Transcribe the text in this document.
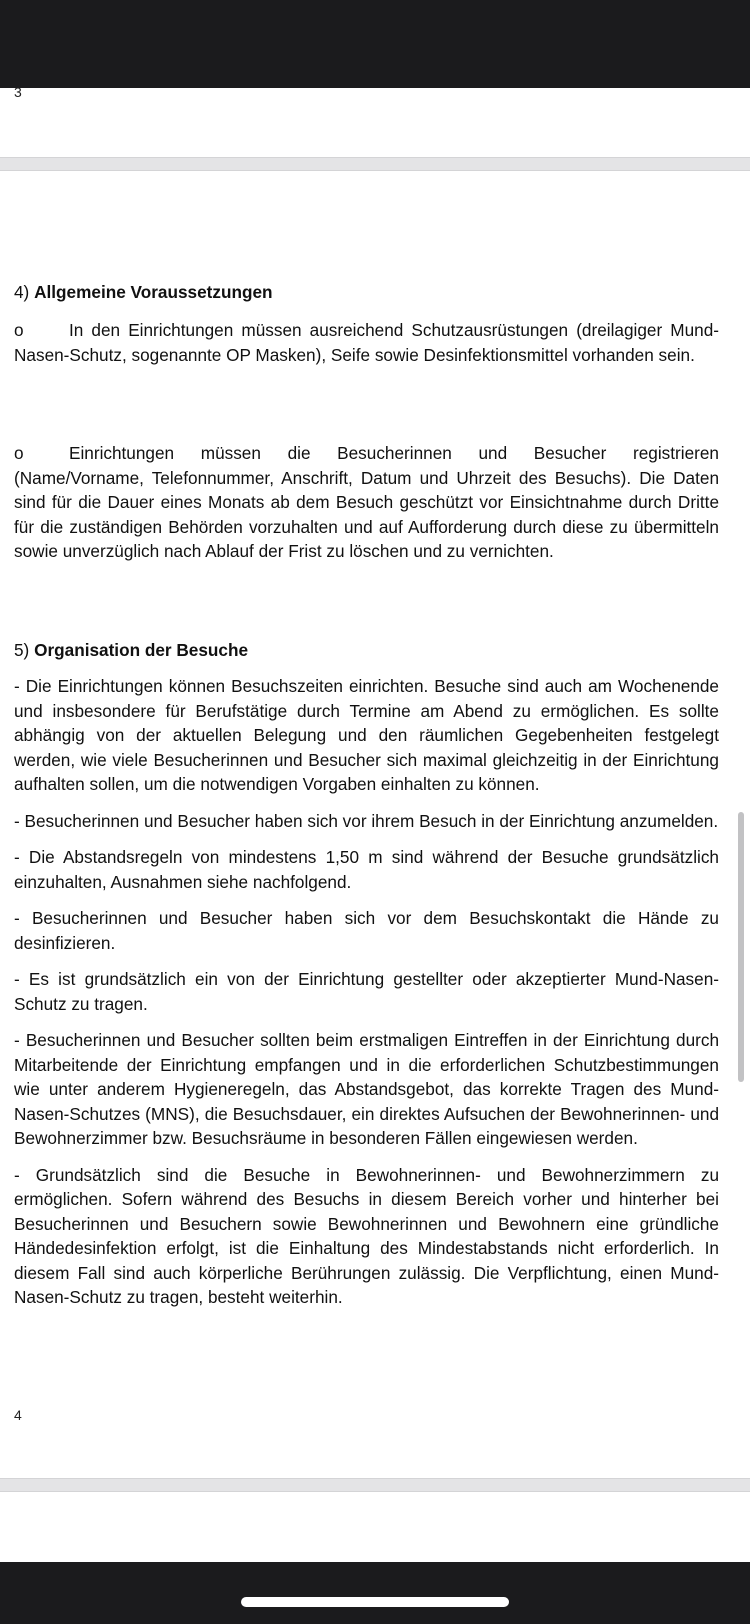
3

4) Allgemeine Voraussetzungen

o	In den Einrichtungen müssen ausreichend Schutzausrüstungen (dreilagiger Mund-Nasen-Schutz, sogenannte OP Masken), Seife sowie Desinfektionsmittel vorhanden sein.

o	Einrichtungen müssen die Besucherinnen und Besucher registrieren (Name/Vorname, Telefonnummer, Anschrift, Datum und Uhrzeit des Besuchs). Die Daten sind für die Dauer eines Monats ab dem Besuch geschützt vor Einsichtnahme durch Dritte für die zuständigen Behörden vorzuhalten und auf Aufforderung durch diese zu übermitteln sowie unverzüglich nach Ablauf der Frist zu löschen und zu vernichten.

5) Organisation der Besuche

- Die Einrichtungen können Besuchszeiten einrichten. Besuche sind auch am Wochenende und insbesondere für Berufstätige durch Termine am Abend zu ermöglichen. Es sollte abhängig von der aktuellen Belegung und den räumlichen Gegebenheiten festgelegt werden, wie viele Besucherinnen und Besucher sich maximal gleichzeitig in der Einrichtung aufhalten sollen, um die notwendigen Vorgaben einhalten zu können.

- Besucherinnen und Besucher haben sich vor ihrem Besuch in der Einrichtung anzumelden.

- Die Abstandsregeln von mindestens 1,50 m sind während der Besuche grundsätzlich einzuhalten, Ausnahmen siehe nachfolgend.

- Besucherinnen und Besucher haben sich vor dem Besuchskontakt die Hände zu desinfizieren.

- Es ist grundsätzlich ein von der Einrichtung gestellter oder akzeptierter Mund-Nasen-Schutz zu tragen.

- Besucherinnen und Besucher sollten beim erstmaligen Eintreffen in der Einrichtung durch Mitarbeitende der Einrichtung empfangen und in die erforderlichen Schutzbestimmungen wie unter anderem Hygieneregeln, das Abstandsgebot, das korrekte Tragen des Mund-Nasen-Schutzes (MNS), die Besuchsdauer, ein direktes Aufsuchen der Bewohnerinnen- und Bewohnerzimmer bzw. Besuchsräume in besonderen Fällen eingewiesen werden.

- Grundsätzlich sind die Besuche in Bewohnerinnen- und Bewohnerzimmern zu ermöglichen. Sofern während des Besuchs in diesem Bereich vorher und hinterher bei Besucherinnen und Besuchern sowie Bewohnerinnen und Bewohnern eine gründliche Händedesinfektion erfolgt, ist die Einhaltung des Mindestabstands nicht erforderlich. In diesem Fall sind auch körperliche Berührungen zulässig. Die Verpflichtung, einen Mund-Nasen-Schutz zu tragen, besteht weiterhin.

4
